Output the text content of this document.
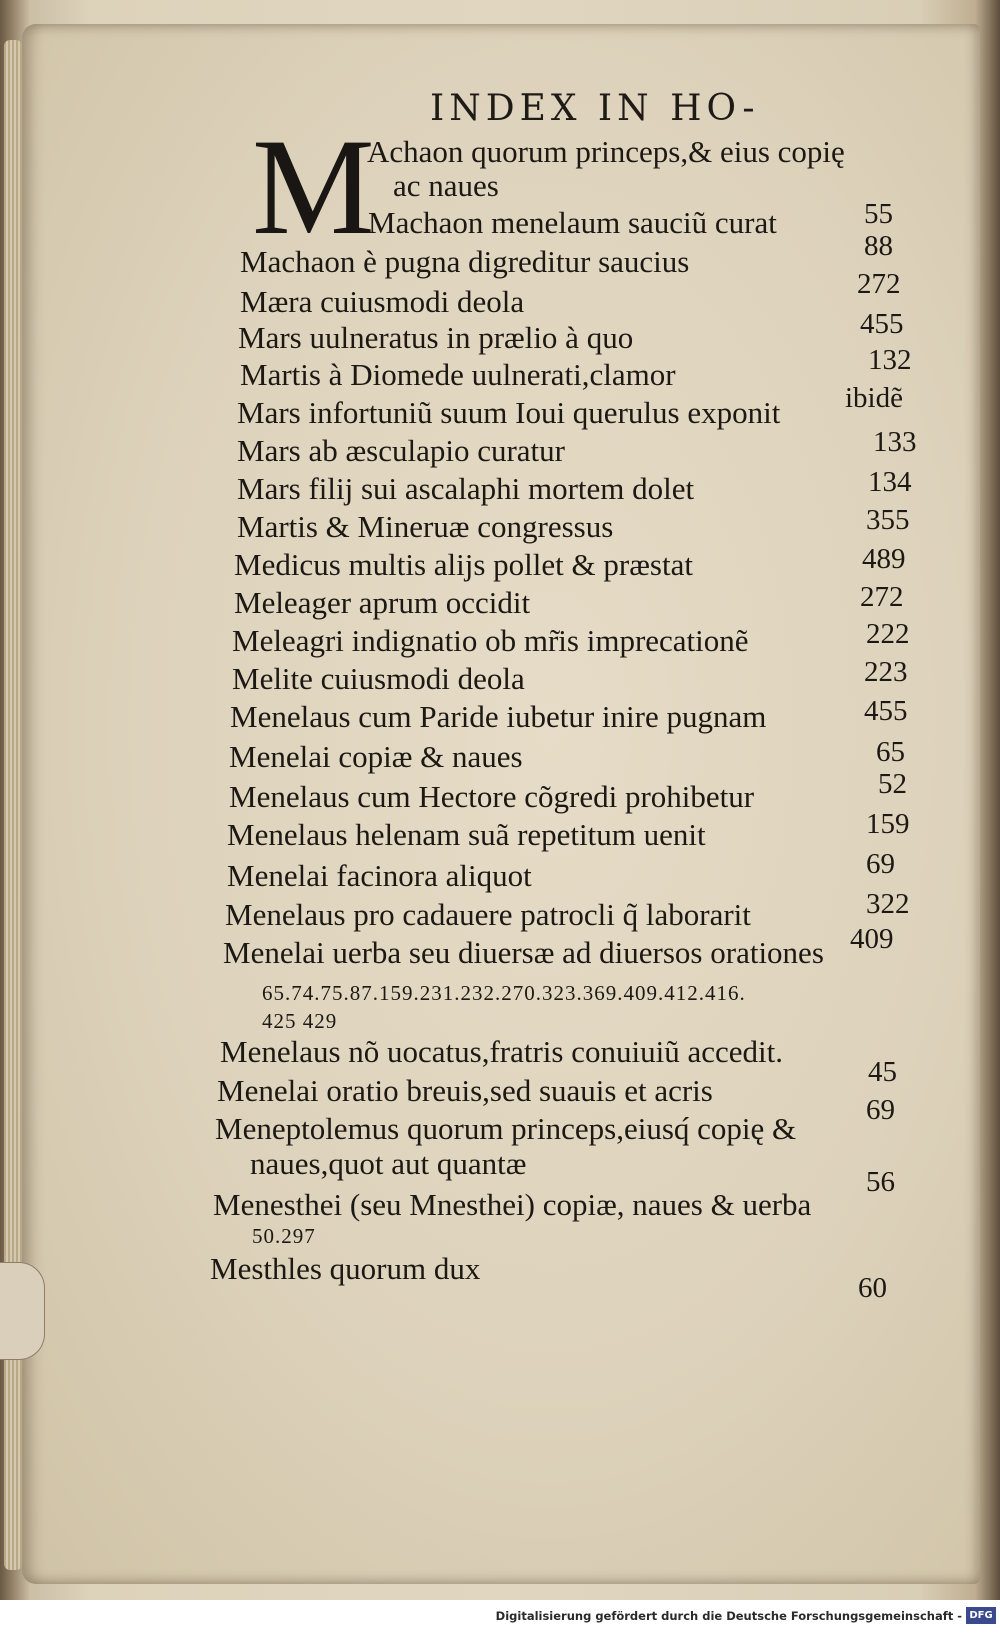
INDEX IN HO-
M
Achaon quorum princeps,& eius copię
ac naues
55
Machaon menelaum sauciũ curat
88
Machaon è pugna digreditur saucius
272
Mæra cuiusmodi deola
455
Mars uulneratus in prælio à quo
132
Martis à Diomede uulnerati,clamor
ibidẽ
Mars infortuniũ suum Ioui querulus exponit
133
Mars ab æsculapio curatur
134
Mars filij sui ascalaphi mortem dolet
355
Martis & Mineruæ congressus
489
Medicus multis alijs pollet & præstat
272
Meleager aprum occidit
222
Meleagri indignatio ob mr̃is imprecationẽ
223
Melite cuiusmodi deola
455
Menelaus cum Paride iubetur inire pugnam
65
Menelai copiæ & naues
52
Menelaus cum Hectore cõgredi prohibetur
159
Menelaus helenam suã repetitum uenit
69
Menelai facinora aliquot
322
Menelaus pro cadauere patrocli q̃ laborarit
409
Menelai uerba seu diuersæ ad diuersos orationes
65.74.75.87.159.231.232.270.323.369.409.412.416.
425 429
Menelaus nõ uocatus,fratris conuiuiũ accedit.
45
Menelai oratio breuis,sed suauis et acris
69
Meneptolemus quorum princeps,eiusq́ copię &
naues,quot aut quantæ
56
Menesthei (seu Mnesthei) copiæ, naues & uerba
50.297
Mesthles quorum dux
60
Digitalisierung gefördert durch die Deutsche Forschungsgemeinschaft - DFG
